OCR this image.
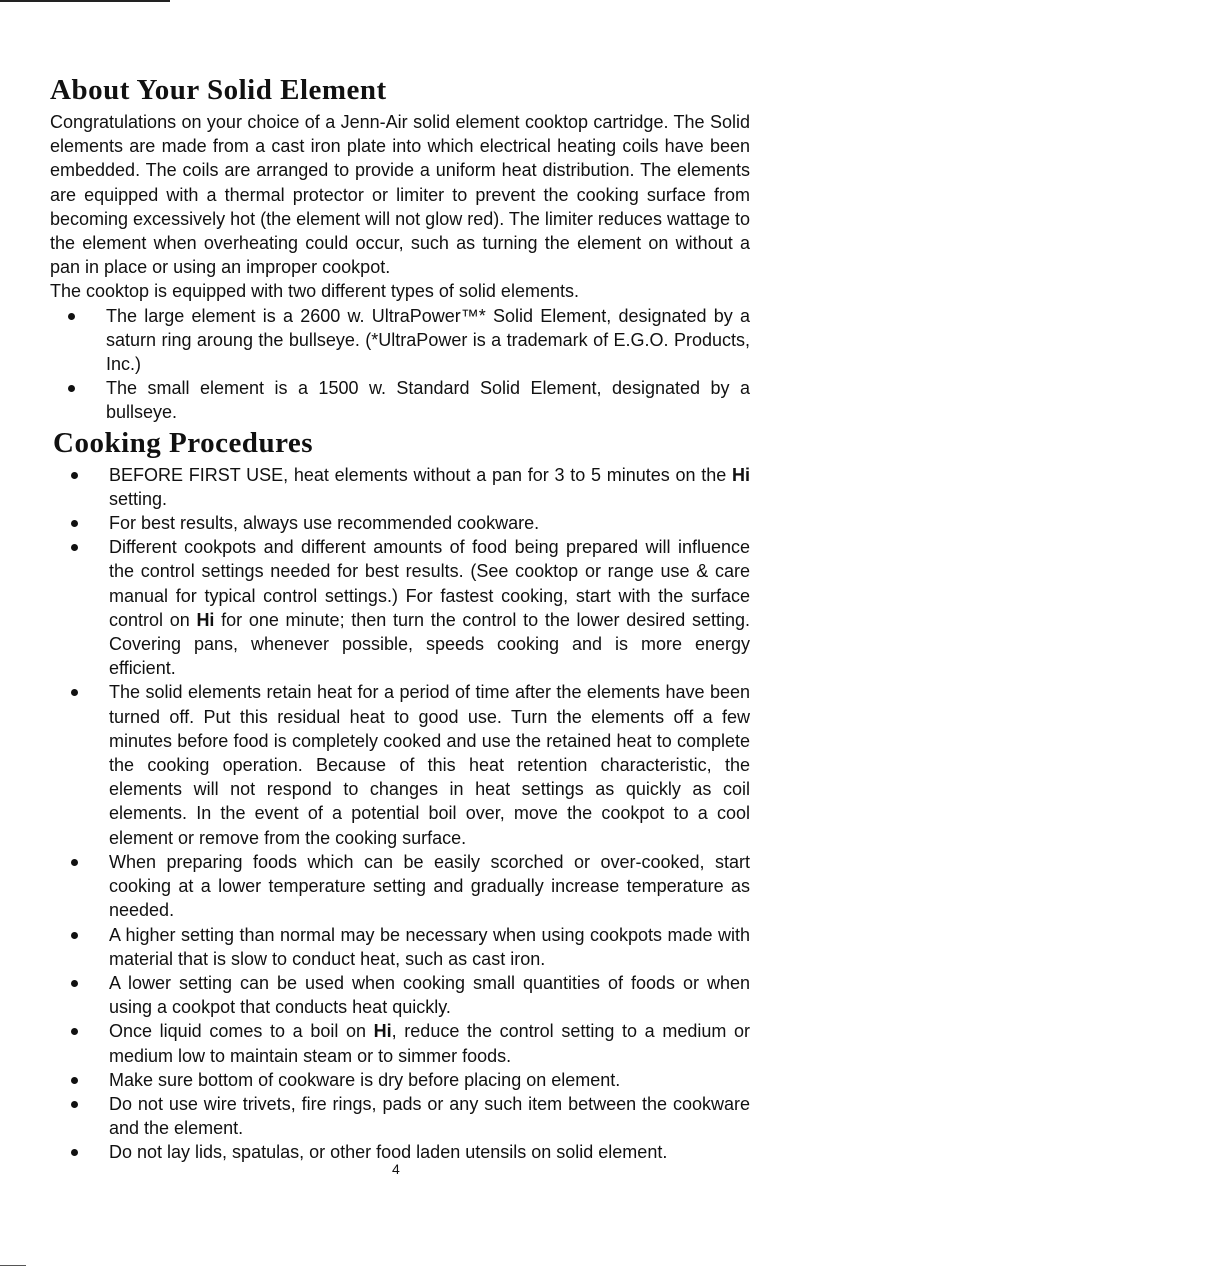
About Your Solid Element

Congratulations on your choice of a Jenn-Air solid element cooktop cartridge. The Solid elements are made from a cast iron plate into which electrical heating coils have been embedded. The coils are arranged to provide a uniform heat distribution. The elements are equipped with a thermal protector or limiter to prevent the cooking surface from becoming excessively hot (the element will not glow red). The limiter reduces wattage to the element when overheating could occur, such as turning the element on without a pan in place or using an improper cookpot.

The cooktop is equipped with two different types of solid elements.

The large element is a 2600 w. UltraPower™* Solid Element, designated by a saturn ring aroung the bullseye. (*UltraPower is a trademark of E.G.O. Products, Inc.)
The small element is a 1500 w. Standard Solid Element, designated by a bullseye.
Cooking Procedures
BEFORE FIRST USE, heat elements without a pan for 3 to 5 minutes on the Hi setting.
For best results, always use recommended cookware.
Different cookpots and different amounts of food being prepared will influence the control settings needed for best results. (See cooktop or range use & care manual for typical control settings.) For fastest cooking, start with the surface control on Hi for one minute; then turn the control to the lower desired setting. Covering pans, whenever possible, speeds cooking and is more energy efficient.
The solid elements retain heat for a period of time after the elements have been turned off. Put this residual heat to good use. Turn the elements off a few minutes before food is completely cooked and use the retained heat to complete the cooking operation. Because of this heat retention characteristic, the elements will not respond to changes in heat settings as quickly as coil elements. In the event of a potential boil over, move the cookpot to a cool element or remove from the cooking surface.
When preparing foods which can be easily scorched or over-cooked, start cooking at a lower temperature setting and gradually increase temperature as needed.
A higher setting than normal may be necessary when using cookpots made with material that is slow to conduct heat, such as cast iron.
A lower setting can be used when cooking small quantities of foods or when using a cookpot that conducts heat quickly.
Once liquid comes to a boil on Hi, reduce the control setting to a medium or medium low to maintain steam or to simmer foods.
Make sure bottom of cookware is dry before placing on element.
Do not use wire trivets, fire rings, pads or any such item between the cookware and the element.
Do not lay lids, spatulas, or other food laden utensils on solid element.
4
